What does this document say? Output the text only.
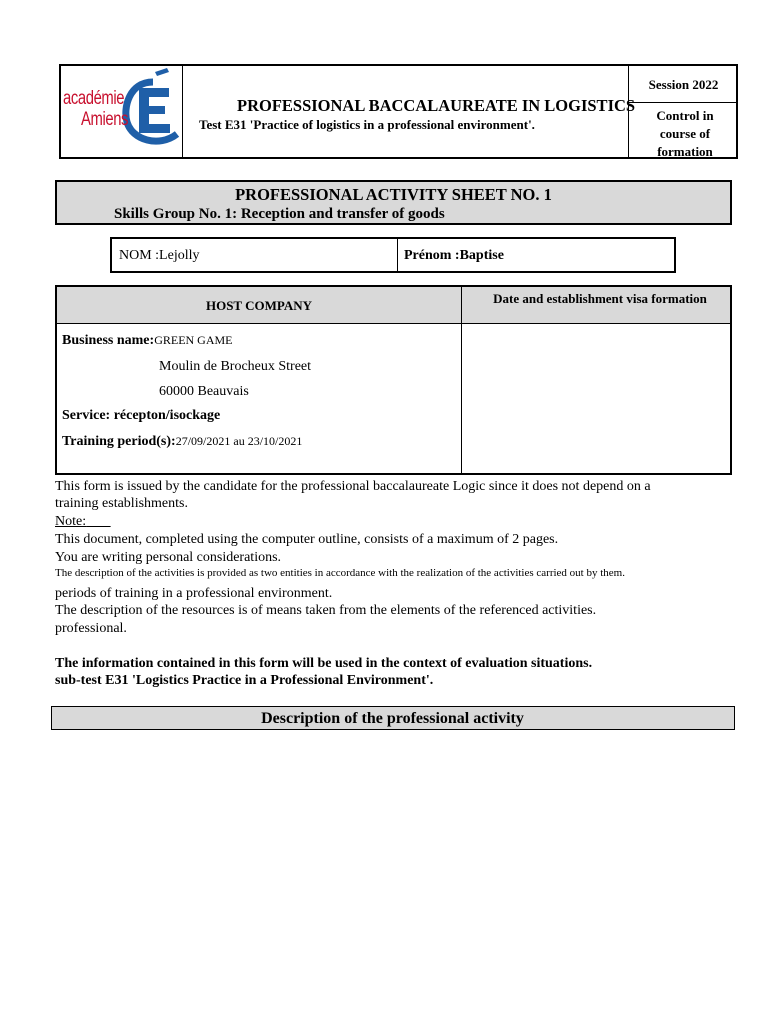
académie
Amiens
PROFESSIONAL BACCALAUREATE IN LOGISTICS
Test E31 'Practice of logistics in a professional environment'.
Session 2022
Control in course of formation
PROFESSIONAL ACTIVITY SHEET NO. 1
Skills Group No. 1: Reception and transfer of goods
NOM :Lejolly	Prénom :Baptise
HOST COMPANY	Date and establishment visa formation
Business name:GREEN GAME
Moulin de Brocheux Street
60000 Beauvais
Service: récepton/isockage
Training period(s):27/09/2021 au 23/10/2021
This form is issued by the candidate for the professional baccalaureate Logic since it does not depend on a
training establishments.
Note:
This document, completed using the computer outline, consists of a maximum of 2 pages.
You are writing personal considerations.
The description of the activities is provided as two entities in accordance with the realization of the activities carried out by them.
periods of training in a professional environment.
The description of the resources is of means taken from the elements of the referenced activities.
professional.
The information contained in this form will be used in the context of evaluation situations.
sub-test E31 'Logistics Practice in a Professional Environment'.
Description of the professional activity
